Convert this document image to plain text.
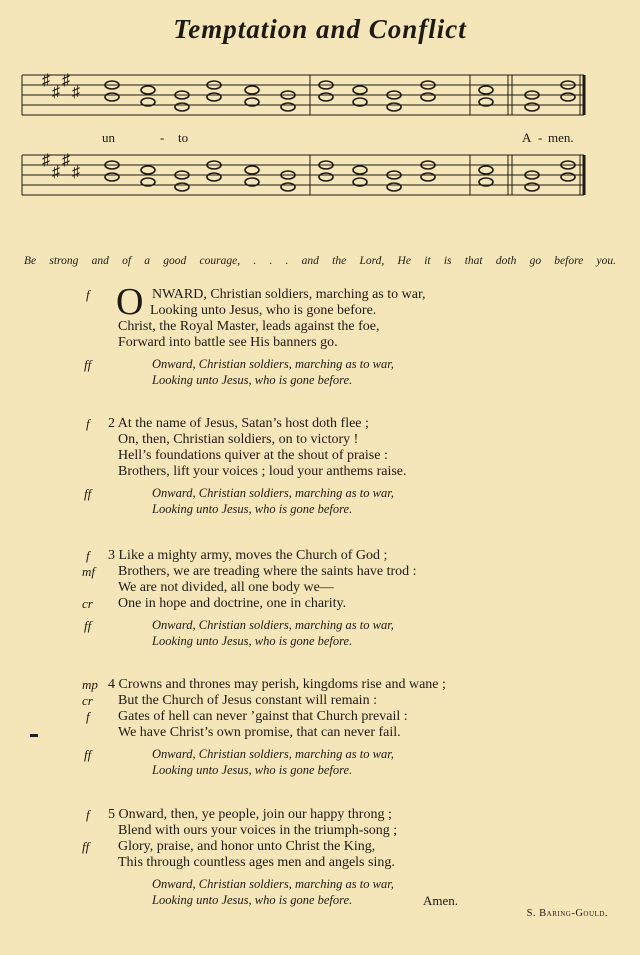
Temptation and Conflict
♯
♯
♯
♯
♯
♯
♯
♯
un	- to	A - men.
Be strong and of a good courage, . . . and the Lord, He it is that doth go before you.
O
f	NWARD, Christian soldiers, marching as to war,
Looking unto Jesus, who is gone before.
Christ, the Royal Master, leads against the foe,
Forward into battle see His banners go.
ff	Onward, Christian soldiers, marching as to war,
Looking unto Jesus, who is gone before.
f 2 At the name of Jesus, Satan’s host doth flee ;
On, then, Christian soldiers, on to victory !
Hell’s foundations quiver at the shout of praise :
Brothers, lift your voices ; loud your anthems raise.
ff	Onward, Christian soldiers, marching as to war,
Looking unto Jesus, who is gone before.
f 3 Like a mighty army, moves the Church of God ;
mf Brothers, we are treading where the saints have trod :
We are not divided, all one body we—
cr One in hope and doctrine, one in charity.
ff	Onward, Christian soldiers, marching as to war,
Looking unto Jesus, who is gone before.
mp 4 Crowns and thrones may perish, kingdoms rise and wane ;
cr But the Church of Jesus constant will remain :
f Gates of hell can never ’gainst that Church prevail :
We have Christ’s own promise, that can never fail.
ff	Onward, Christian soldiers, marching as to war,
Looking unto Jesus, who is gone before.
f 5 Onward, then, ye people, join our happy throng ;
Blend with ours your voices in the triumph-song ;
ff Glory, praise, and honor unto Christ the King,
This through countless ages men and angels sing.
Onward, Christian soldiers, marching as to war,
Looking unto Jesus, who is gone before.	Amen.
S. Baring-Gould.
